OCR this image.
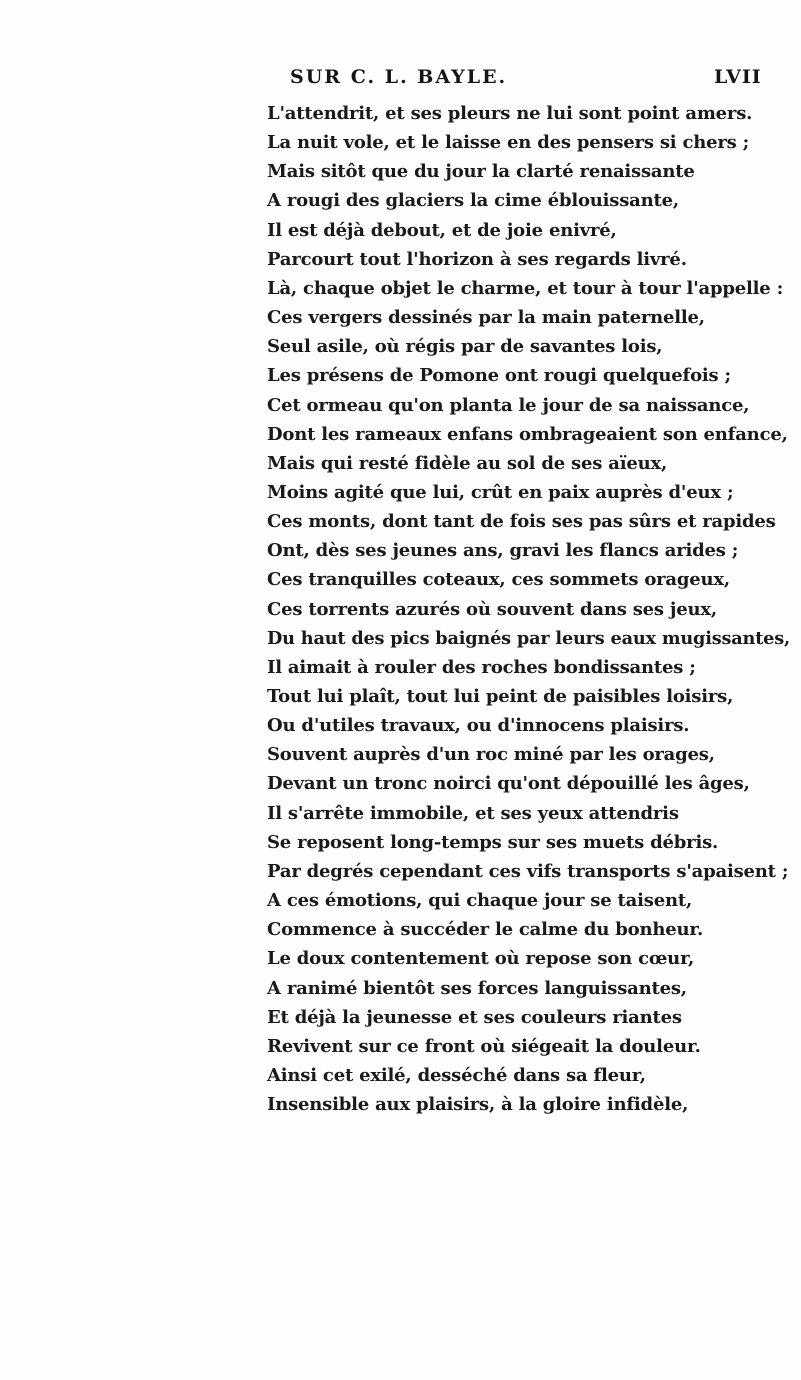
SUR C. L. BAYLE.	LVII
L'attendrit, et ses pleurs ne lui sont point amers.
La nuit vole, et le laisse en des pensers si chers ;
Mais sitôt que du jour la clarté renaissante
A rougi des glaciers la cime éblouissante,
Il est déjà debout, et de joie enivré,
Parcourt tout l'horizon à ses regards livré.
Là, chaque objet le charme, et tour à tour l'appelle :
Ces vergers dessinés par la main paternelle,
Seul asile, où régis par de savantes lois,
Les présens de Pomone ont rougi quelquefois ;
Cet ormeau qu'on planta le jour de sa naissance,
Dont les rameaux enfans ombrageaient son enfance,
Mais qui resté fidèle au sol de ses aïeux,
Moins agité que lui, crût en paix auprès d'eux ;
Ces monts, dont tant de fois ses pas sûrs et rapides
Ont, dès ses jeunes ans, gravi les flancs arides ;
Ces tranquilles coteaux, ces sommets orageux,
Ces torrents azurés où souvent dans ses jeux,
Du haut des pics baignés par leurs eaux mugissantes,
Il aimait à rouler des roches bondissantes ;
Tout lui plaît, tout lui peint de paisibles loisirs,
Ou d'utiles travaux, ou d'innocens plaisirs.
Souvent auprès d'un roc miné par les orages,
Devant un tronc noirci qu'ont dépouillé les âges,
Il s'arrête immobile, et ses yeux attendris
Se reposent long-temps sur ses muets débris.
Par degrés cependant ces vifs transports s'apaisent ;
A ces émotions, qui chaque jour se taisent,
Commence à succéder le calme du bonheur.
Le doux contentement où repose son cœur,
A ranimé bientôt ses forces languissantes,
Et déjà la jeunesse et ses couleurs riantes
Revivent sur ce front où siégeait la douleur.
Ainsi cet exilé, desséché dans sa fleur,
Insensible aux plaisirs, à la gloire infidèle,
